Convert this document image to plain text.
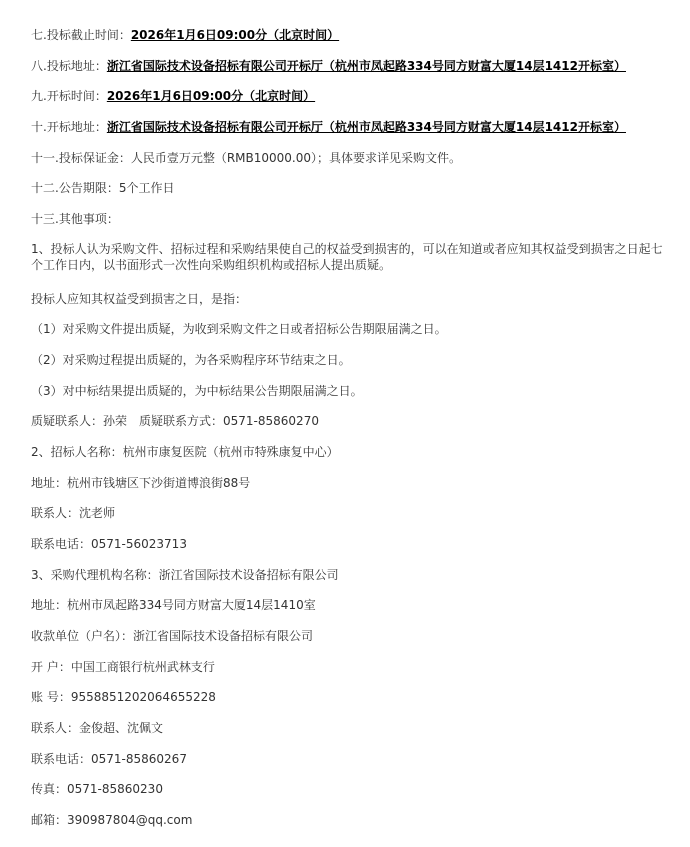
七.投标截止时间：2026年1月6日09:00分（北京时间）
八.投标地址：浙江省国际技术设备招标有限公司开标厅（杭州市凤起路334号同方财富大厦14层1412开标室）
九.开标时间：2026年1月6日09:00分（北京时间）
十.开标地址：浙江省国际技术设备招标有限公司开标厅（杭州市凤起路334号同方财富大厦14层1412开标室）
十一.投标保证金：人民币壹万元整（RMB10000.00）；具体要求详见采购文件。
十二.公告期限：5个工作日
十三.其他事项：
1、投标人认为采购文件、招标过程和采购结果使自己的权益受到损害的，可以在知道或者应知其权益受到损害之日起七个工作日内，以书面形式一次性向采购组织机构或招标人提出质疑。
投标人应知其权益受到损害之日，是指：
（1）对采购文件提出质疑，为收到采购文件之日或者招标公告期限届满之日。
（2）对采购过程提出质疑的，为各采购程序环节结束之日。
（3）对中标结果提出质疑的，为中标结果公告期限届满之日。
质疑联系人：孙荣 质疑联系方式：0571-85860270
2、招标人名称：杭州市康复医院（杭州市特殊康复中心）
地址：杭州市钱塘区下沙街道博浪街88号
联系人：沈老师
联系电话：0571-56023713
3、采购代理机构名称：浙江省国际技术设备招标有限公司
地址：杭州市凤起路334号同方财富大厦14层1410室
收款单位（户名）：浙江省国际技术设备招标有限公司
开 户：中国工商银行杭州武林支行
账 号：9558851202064655228
联系人：金俊超、沈佩文
联系电话：0571-85860267
传真：0571-85860230
邮箱：390987804@qq.com
